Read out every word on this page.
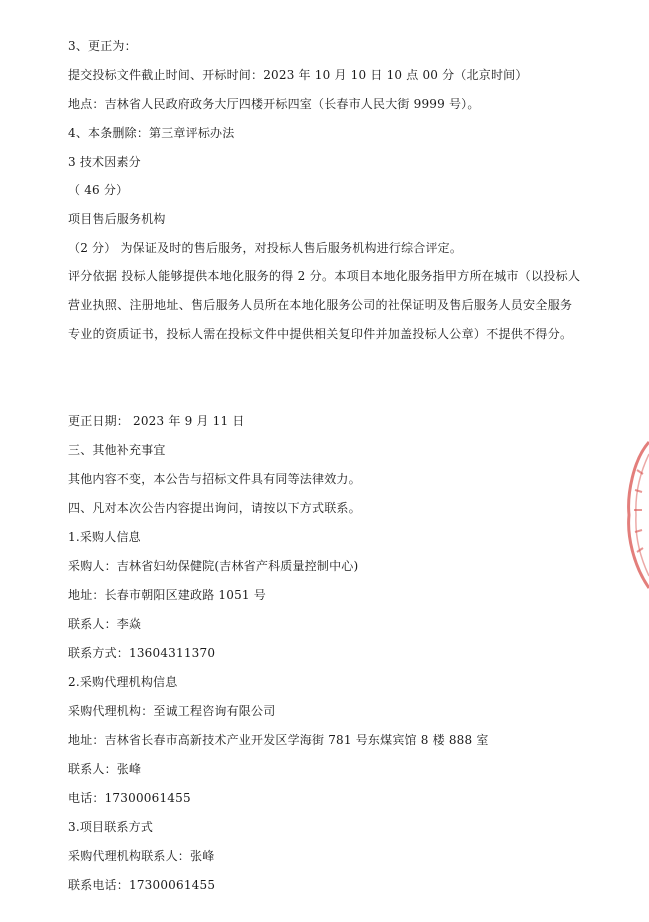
3、更正为：
提交投标文件截止时间、开标时间：2023 年 10 月 10 日 10 点 00 分（北京时间）
地点：吉林省人民政府政务大厅四楼开标四室（长春市人民大街 9999 号）。
4、本条删除：第三章评标办法
3 技术因素分
（ 46 分）
项目售后服务机构
（2 分） 为保证及时的售后服务，对投标人售后服务机构进行综合评定。
评分依据 投标人能够提供本地化服务的得 2 分。本项目本地化服务指甲方所在城市（以投标人营业执照、注册地址、售后服务人员所在本地化服务公司的社保证明及售后服务人员安全服务专业的资质证书，投标人需在投标文件中提供相关复印件并加盖投标人公章）不提供不得分。
更正日期： 2023 年 9 月 11 日
三、其他补充事宜
其他内容不变，本公告与招标文件具有同等法律效力。
四、凡对本次公告内容提出询问，请按以下方式联系。
1.采购人信息
采购人：吉林省妇幼保健院(吉林省产科质量控制中心)
地址：长春市朝阳区建政路 1051 号
联系人：李焱
联系方式：13604311370
2.采购代理机构信息
采购代理机构：至诚工程咨询有限公司
地址：吉林省长春市高新技术产业开发区学海街 781 号东煤宾馆 8 楼 888 室
联系人：张峰
电话：17300061455
3.项目联系方式
采购代理机构联系人：张峰
联系电话：17300061455
